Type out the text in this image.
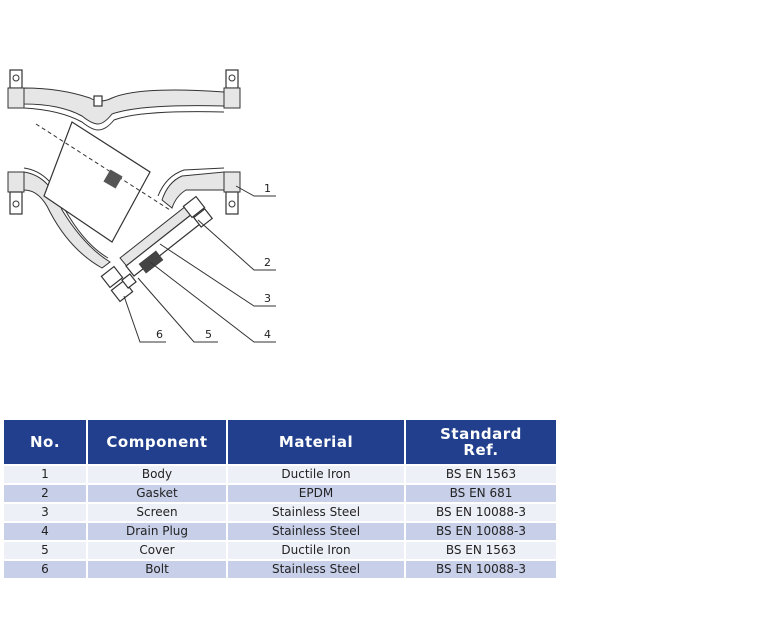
1
2
3
4
5
6
No.	Component	Material	Standard
Ref.
1	Body	Ductile Iron	BS EN 1563
2	Gasket	EPDM	BS EN 681
3	Screen	Stainless Steel	BS EN 10088-3
4	Drain Plug	Stainless Steel	BS EN 10088-3
5	Cover	Ductile Iron	BS EN 1563
6	Bolt	Stainless Steel	BS EN 10088-3
